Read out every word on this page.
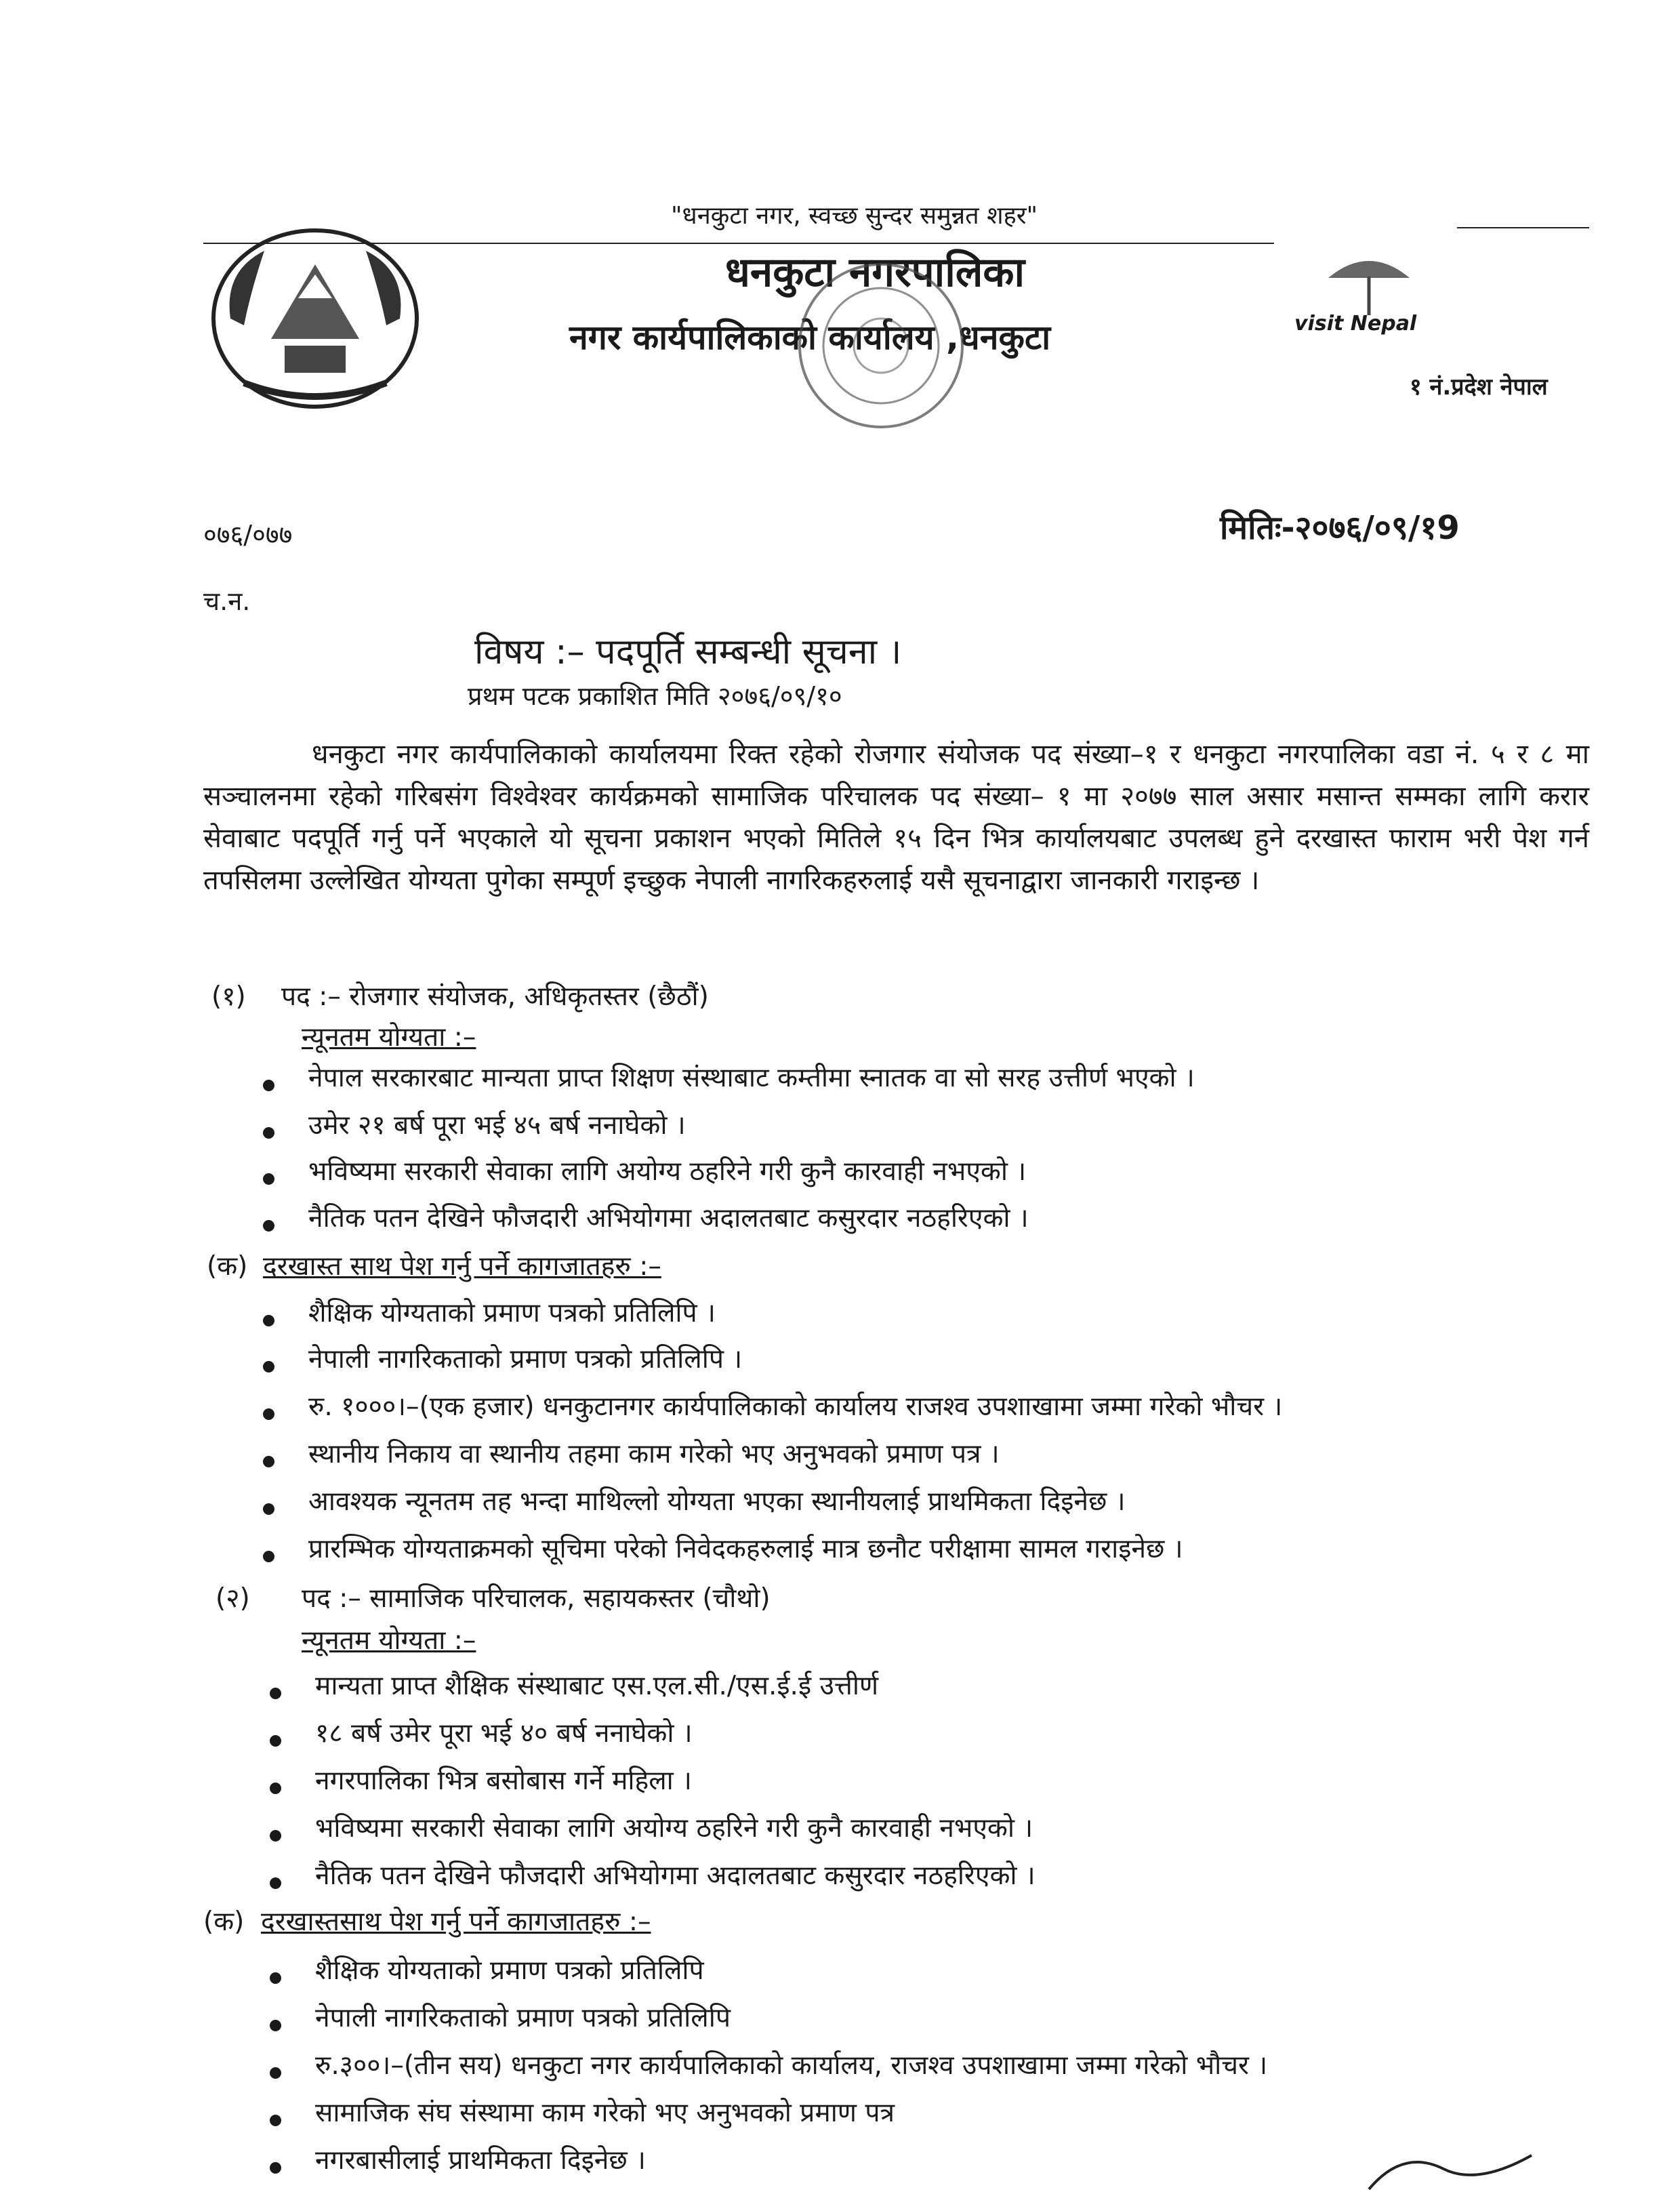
"धनकुटा नगर, स्वच्छ सुन्दर समुन्नत शहर"
धनकुटा नगरपालिका
नगर कार्यपालिकाको कार्यालय ,धनकुटा	visit Nepal
१ नं.प्रदेश नेपाल
०७६/०७७
च.न.
मितिः-२०७६/०९/१9
विषय :– पदपूर्ति सम्बन्धी सूचना ।
प्रथम पटक प्रकाशित मिति २०७६/०९/१०
धनकुटा नगर कार्यपालिकाको कार्यालयमा रिक्त रहेको रोजगार संयोजक पद संख्या–१ र धनकुटा नगरपालिका वडा नं. ५ र ८ मा सञ्चालनमा रहेको गरिबसंग विश्वेश्वर कार्यक्रमको सामाजिक परिचालक पद संख्या– १ मा २०७७ साल असार मसान्त सम्मका लागि करार सेवाबाट पदपूर्ति गर्नु पर्ने भएकाले यो सूचना प्रकाशन भएको मितिले १५ दिन भित्र कार्यालयबाट उपलब्ध हुने दरखास्त फाराम भरी पेश गर्न तपसिलमा उल्लेखित योग्यता पुगेका सम्पूर्ण इच्छुक नेपाली नागरिकहरुलाई यसै सूचनाद्वारा जानकारी गराइन्छ ।
(१) पद :– रोजगार संयोजक, अधिकृतस्तर (छैठौं)
न्यूनतम योग्यता :–
नेपाल सरकारबाट मान्यता प्राप्त शिक्षण संस्थाबाट कम्तीमा स्नातक वा सो सरह उत्तीर्ण भएको ।
उमेर २१ बर्ष पूरा भई ४५ बर्ष ननाघेको ।
भविष्यमा सरकारी सेवाका लागि अयोग्य ठहरिने गरी कुनै कारवाही नभएको ।
नैतिक पतन देखिने फौजदारी अभियोगमा अदालतबाट कसुरदार नठहरिएको ।
(क) दरखास्त साथ पेश गर्नु पर्ने कागजातहरु :–
शैक्षिक योग्यताको प्रमाण पत्रको प्रतिलिपि ।
नेपाली नागरिकताको प्रमाण पत्रको प्रतिलिपि ।
रु. १०००।–(एक हजार) धनकुटानगर कार्यपालिकाको कार्यालय राजश्व उपशाखामा जम्मा गरेको भौचर ।
स्थानीय निकाय वा स्थानीय तहमा काम गरेको भए अनुभवको प्रमाण पत्र ।
आवश्यक न्यूनतम तह भन्दा माथिल्लो योग्यता भएका स्थानीयलाई प्राथमिकता दिइनेछ ।
प्रारम्भिक योग्यताक्रमको सूचिमा परेको निवेदकहरुलाई मात्र छनौट परीक्षामा सामल गराइनेछ ।
(२) पद :– सामाजिक परिचालक, सहायकस्तर (चौथो)
न्यूनतम योग्यता :–
मान्यता प्राप्त शैक्षिक संस्थाबाट एस.एल.सी./एस.ई.ई उत्तीर्ण
१८ बर्ष उमेर पूरा भई ४० बर्ष ननाघेको ।
नगरपालिका भित्र बसोबास गर्ने महिला ।
भविष्यमा सरकारी सेवाका लागि अयोग्य ठहरिने गरी कुनै कारवाही नभएको ।
नैतिक पतन देखिने फौजदारी अभियोगमा अदालतबाट कसुरदार नठहरिएको ।
(क) दरखास्तसाथ पेश गर्नु पर्ने कागजातहरु :–
शैक्षिक योग्यताको प्रमाण पत्रको प्रतिलिपि
नेपाली नागरिकताको प्रमाण पत्रको प्रतिलिपि
रु.३००।–(तीन सय) धनकुटा नगर कार्यपालिकाको कार्यालय, राजश्व उपशाखामा जम्मा गरेको भौचर ।
सामाजिक संघ संस्थामा काम गरेको भए अनुभवको प्रमाण पत्र
नगरबासीलाई प्राथमिकता दिइनेछ ।
